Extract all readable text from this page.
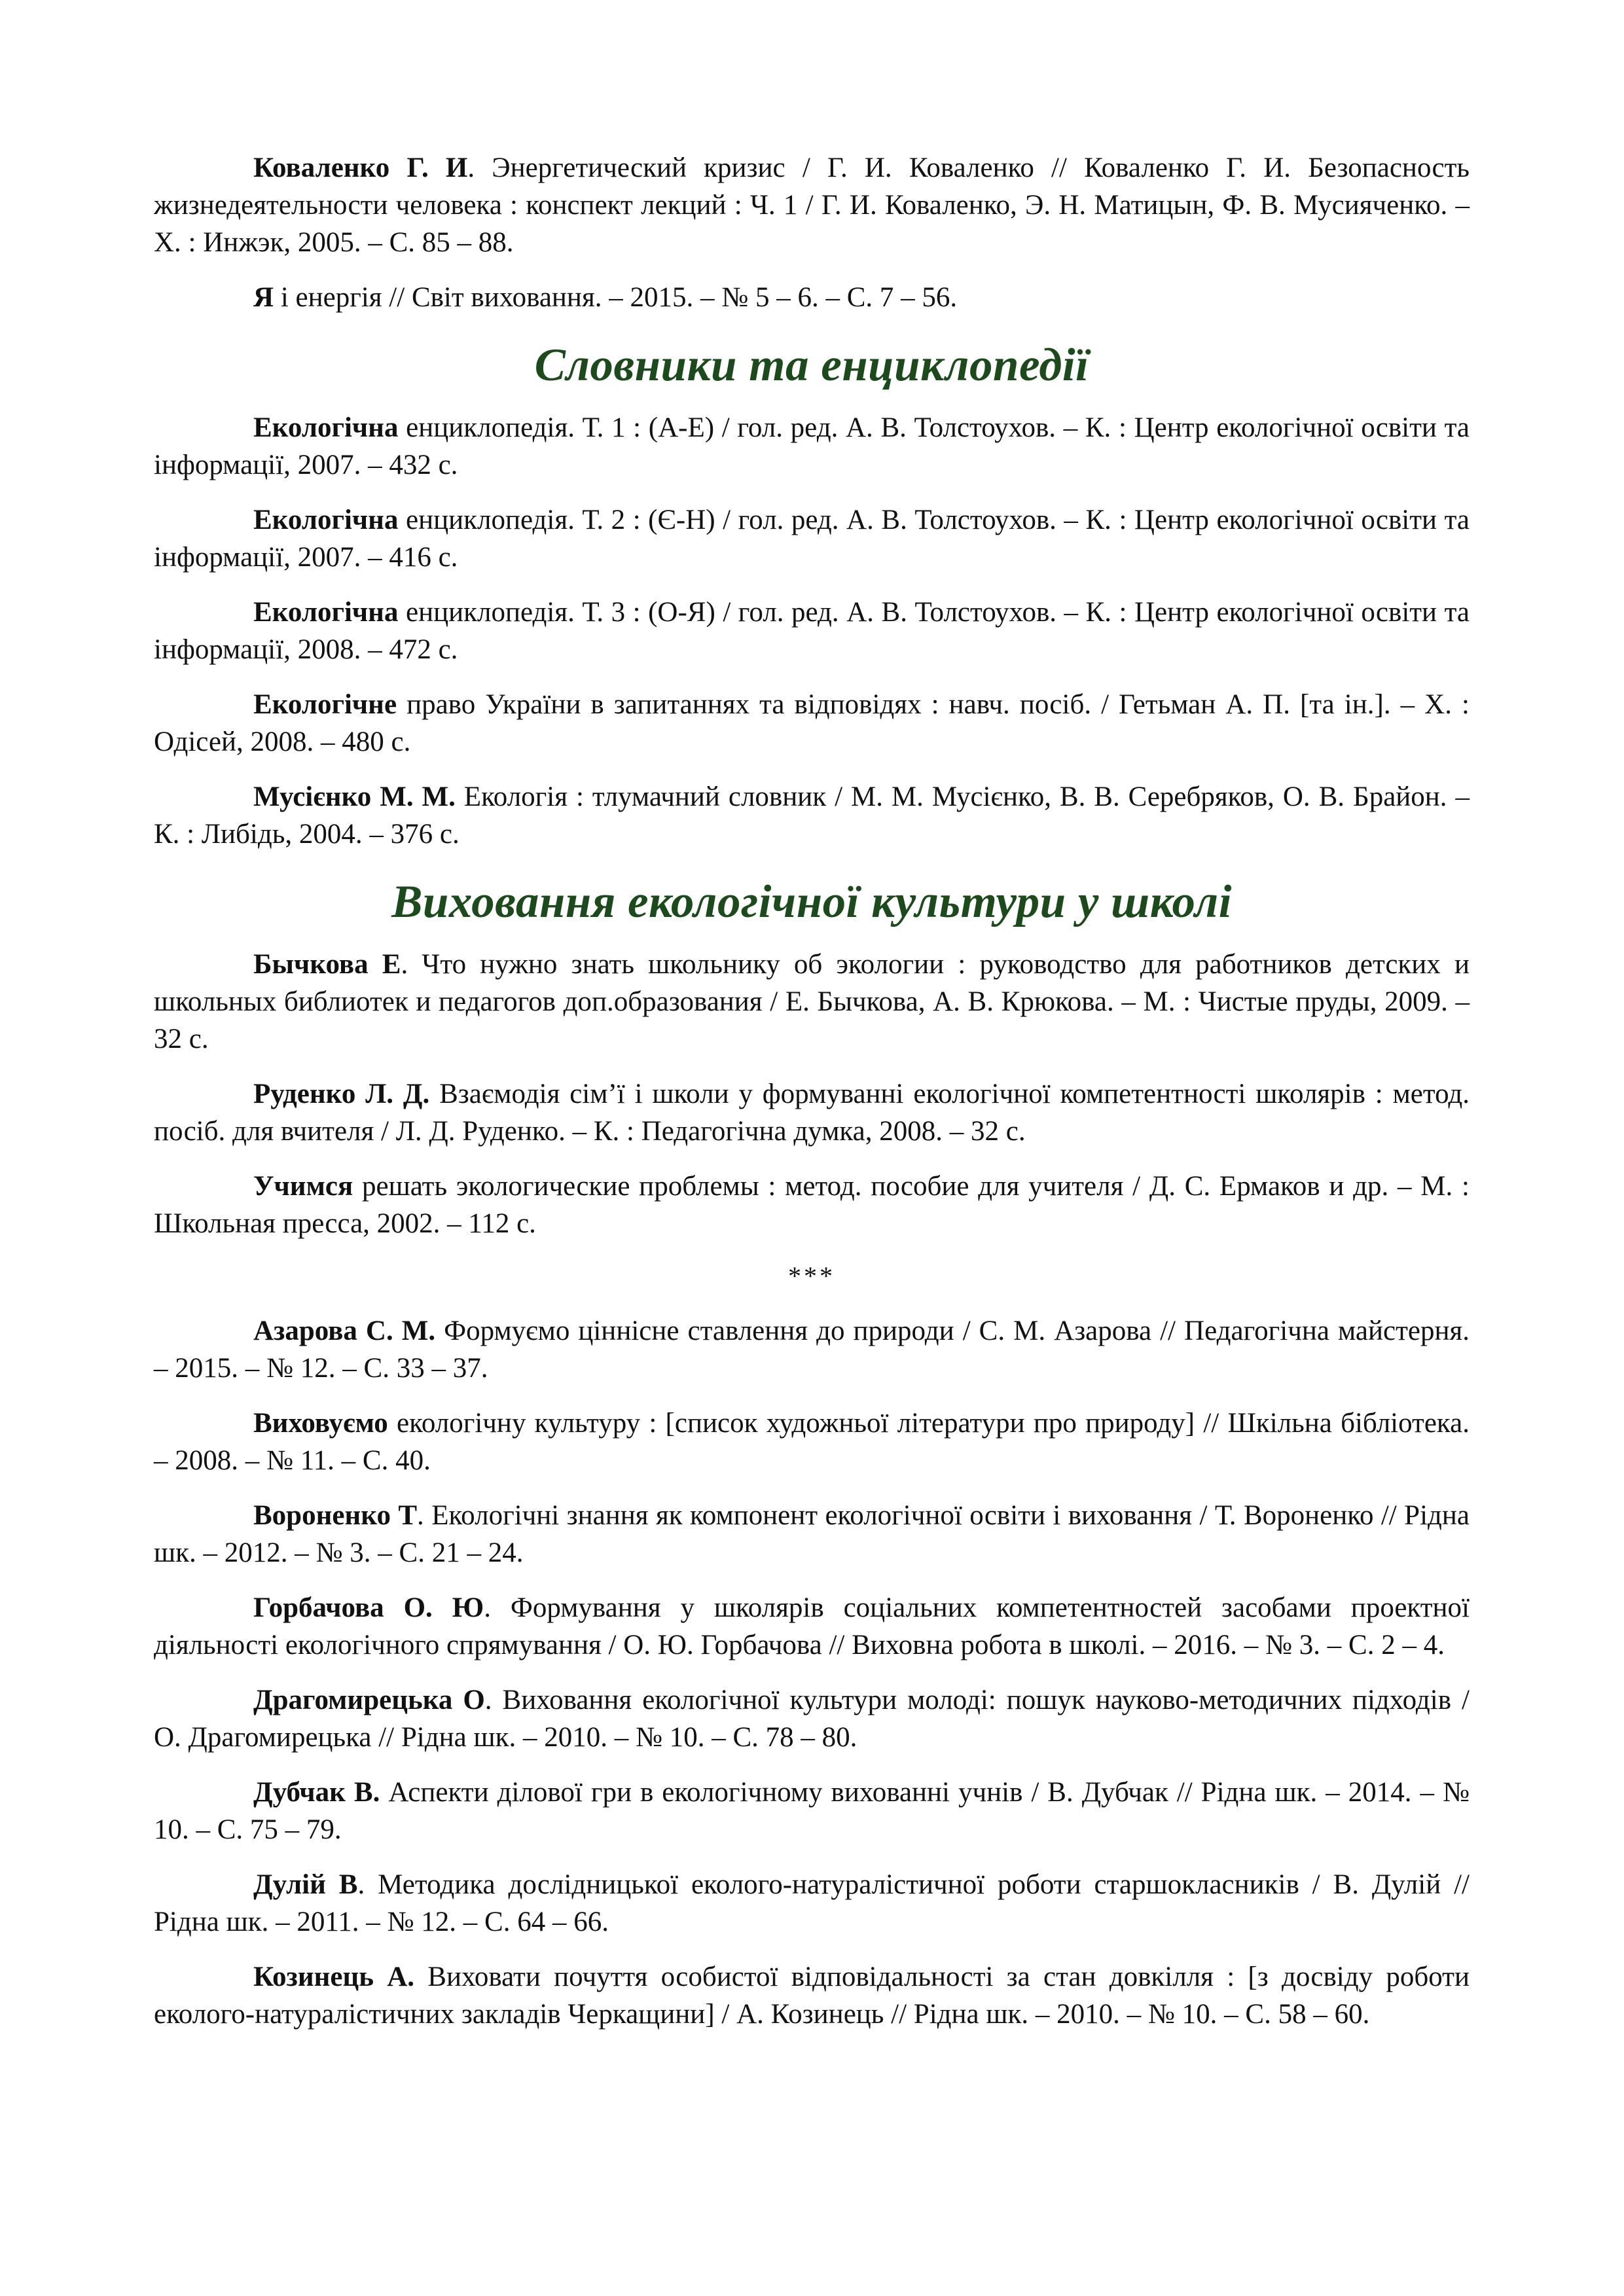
Коваленко Г. И. Энергетический кризис / Г. И. Коваленко // Коваленко Г. И. Безопасность жизнедеятельности человека : конспект лекций : Ч. 1 / Г. И. Коваленко, Э. Н. Матицын, Ф. В. Мусияченко. – Х. : Инжэк, 2005. – С. 85 – 88.

Я і енергія // Світ виховання. – 2015. – № 5 – 6. – С. 7 – 56.

Словники та енциклопедії

Екологічна енциклопедія. Т. 1 : (А-Е) / гол. ред. А. В. Толстоухов. – К. : Центр екологічної освіти та інформації, 2007. – 432 с.

Екологічна енциклопедія. Т. 2 : (Є-Н) / гол. ред. А. В. Толстоухов. – К. : Центр екологічної освіти та інформації, 2007. – 416 с.

Екологічна енциклопедія. Т. 3 : (О-Я) / гол. ред. А. В. Толстоухов. – К. : Центр екологічної освіти та інформації, 2008. – 472 с.

Екологічне право України в запитаннях та відповідях : навч. посіб. / Гетьман А. П. [та ін.]. – Х. : Одісей, 2008. – 480 с.

Мусієнко М. М. Екологія : тлумачний словник / М. М. Мусієнко, В. В. Серебряков, О. В. Брайон. – К. : Либідь, 2004. – 376 с.

Виховання екологічної культури у школі

Бычкова Е. Что нужно знать школьнику об экологии : руководство для работников детских и школьных библиотек и педагогов доп.образования / Е. Бычкова, А. В. Крюкова. – М. : Чистые пруды, 2009. – 32 с.

Руденко Л. Д. Взаємодія сім’ї і школи у формуванні екологічної компетентності школярів : метод. посіб. для вчителя / Л. Д. Руденко. – К. : Педагогічна думка, 2008. – 32 с.

Учимся решать экологические проблемы : метод. пособие для учителя / Д. С. Ермаков и др. – М. : Школьная пресса, 2002. – 112 с.

***

Азарова С. М. Формуємо ціннісне ставлення до природи / С. М. Азарова // Педагогічна майстерня. – 2015. – № 12. – С. 33 – 37.

Виховуємо екологічну культуру : [список художньої літератури про природу] // Шкільна бібліотека. – 2008. – № 11. – С. 40.

Вороненко Т. Екологічні знання як компонент екологічної освіти і виховання / Т. Вороненко // Рідна шк. – 2012. – № 3. – С. 21 – 24.

Горбачова О. Ю. Формування у школярів соціальних компетентностей засобами проектної діяльності екологічного спрямування / О. Ю. Горбачова // Виховна робота в школі. – 2016. – № 3. – С. 2 – 4.

Драгомирецька О. Виховання екологічної культури молоді: пошук науково-методичних підходів / О. Драгомирецька // Рідна шк. – 2010. – № 10. – С. 78 – 80.

Дубчак В. Аспекти ділової гри в екологічному вихованні учнів / В. Дубчак // Рідна шк. – 2014. – № 10. – С. 75 – 79.

Дулій В. Методика дослідницької еколого-натуралістичної роботи старшокласників / В. Дулій // Рідна шк. – 2011. – № 12. – С. 64 – 66.

Козинець А. Виховати почуття особистої відповідальності за стан довкілля : [з досвіду роботи еколого-натуралістичних закладів Черкащини] / А. Козинець // Рідна шк. – 2010. – № 10. – С. 58 – 60.
